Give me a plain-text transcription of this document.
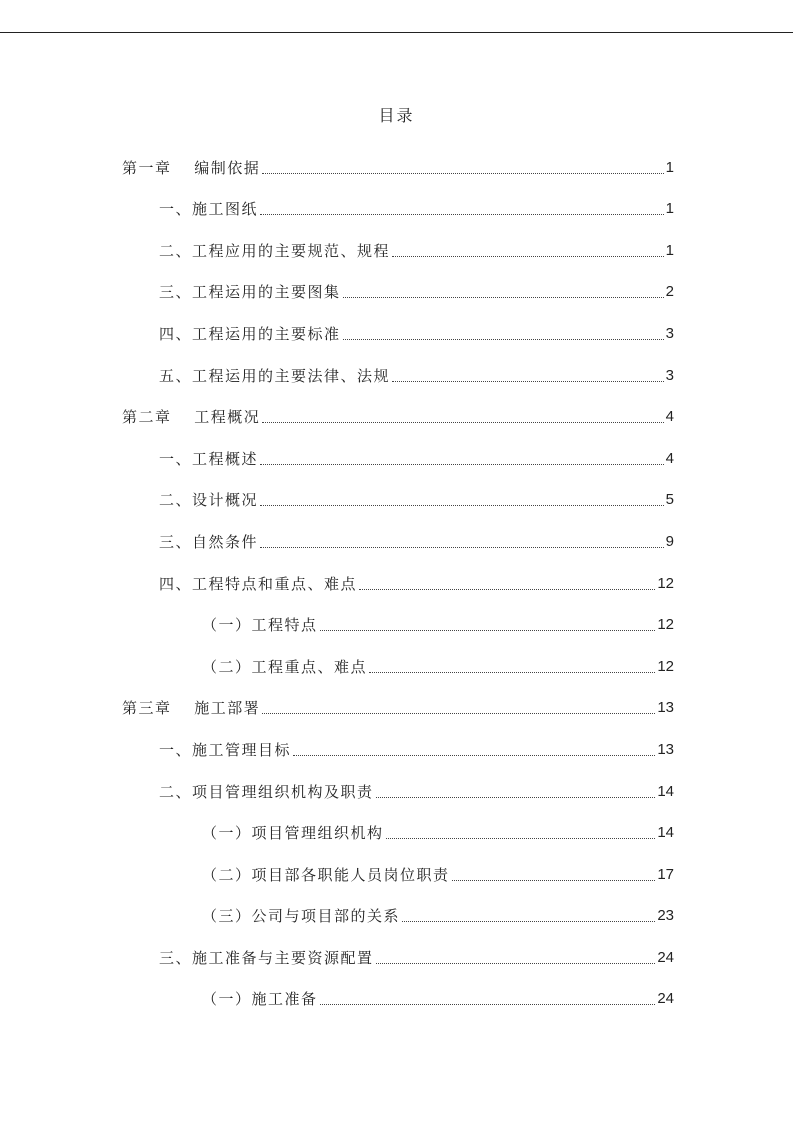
目录
第一章　 编制依据	1
一、施工图纸	1
二、工程应用的主要规范、规程	1
三、工程运用的主要图集	2
四、工程运用的主要标准	3
五、工程运用的主要法律、法规	3
第二章　 工程概况	4
一、工程概述	4
二、设计概况	5
三、自然条件	9
四、工程特点和重点、难点	12
（一）工程特点	12
（二）工程重点、难点	12
第三章　 施工部署	13
一、施工管理目标	13
二、项目管理组织机构及职责	14
（一）项目管理组织机构	14
（二）项目部各职能人员岗位职责	17
（三）公司与项目部的关系	23
三、施工准备与主要资源配置	24
（一）施工准备	24
